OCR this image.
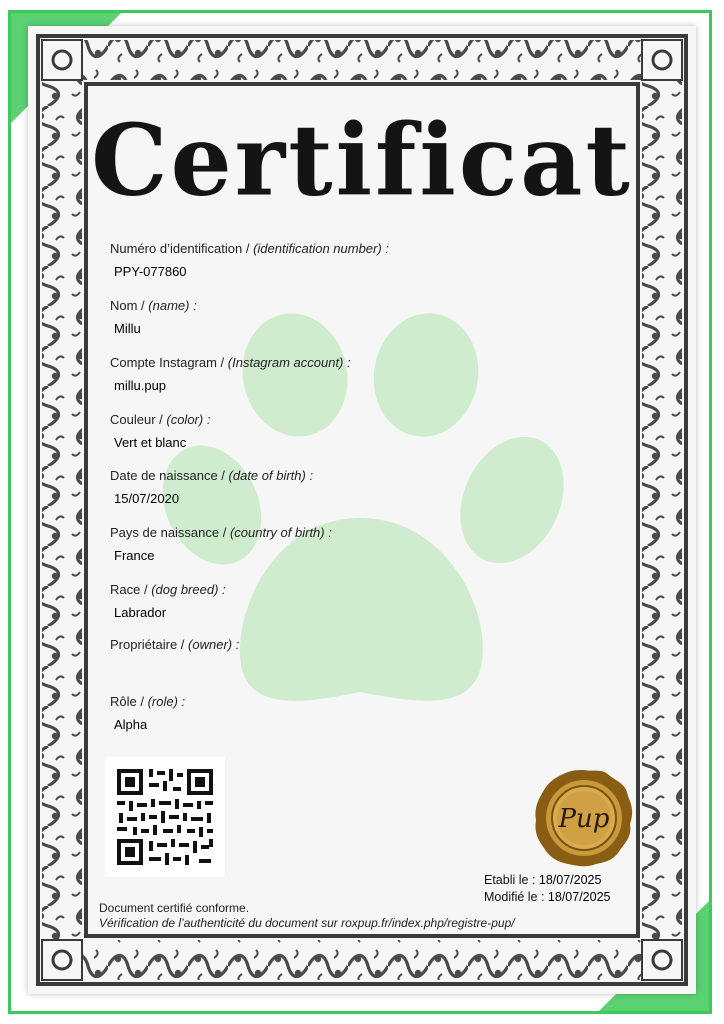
Certificat
Numéro d’identification / (identification number) :
PPY-077860
Nom / (name) :
Millu
Compte Instagram / (Instagram account) :
millu.pup
Couleur / (color) :
Vert et blanc
Date de naissance / (date of birth) :
15/07/2020
Pays de naissance / (country of birth) :
France
Race / (dog breed) :
Labrador
Propriétaire / (owner) :
Rôle / (role) :
Alpha
Pup
Etabli le : 18/07/2025
Modifié le : 18/07/2025
Document certifié conforme.
Vérification de l’authenticité du document sur roxpup.fr/index.php/registre-pup/
